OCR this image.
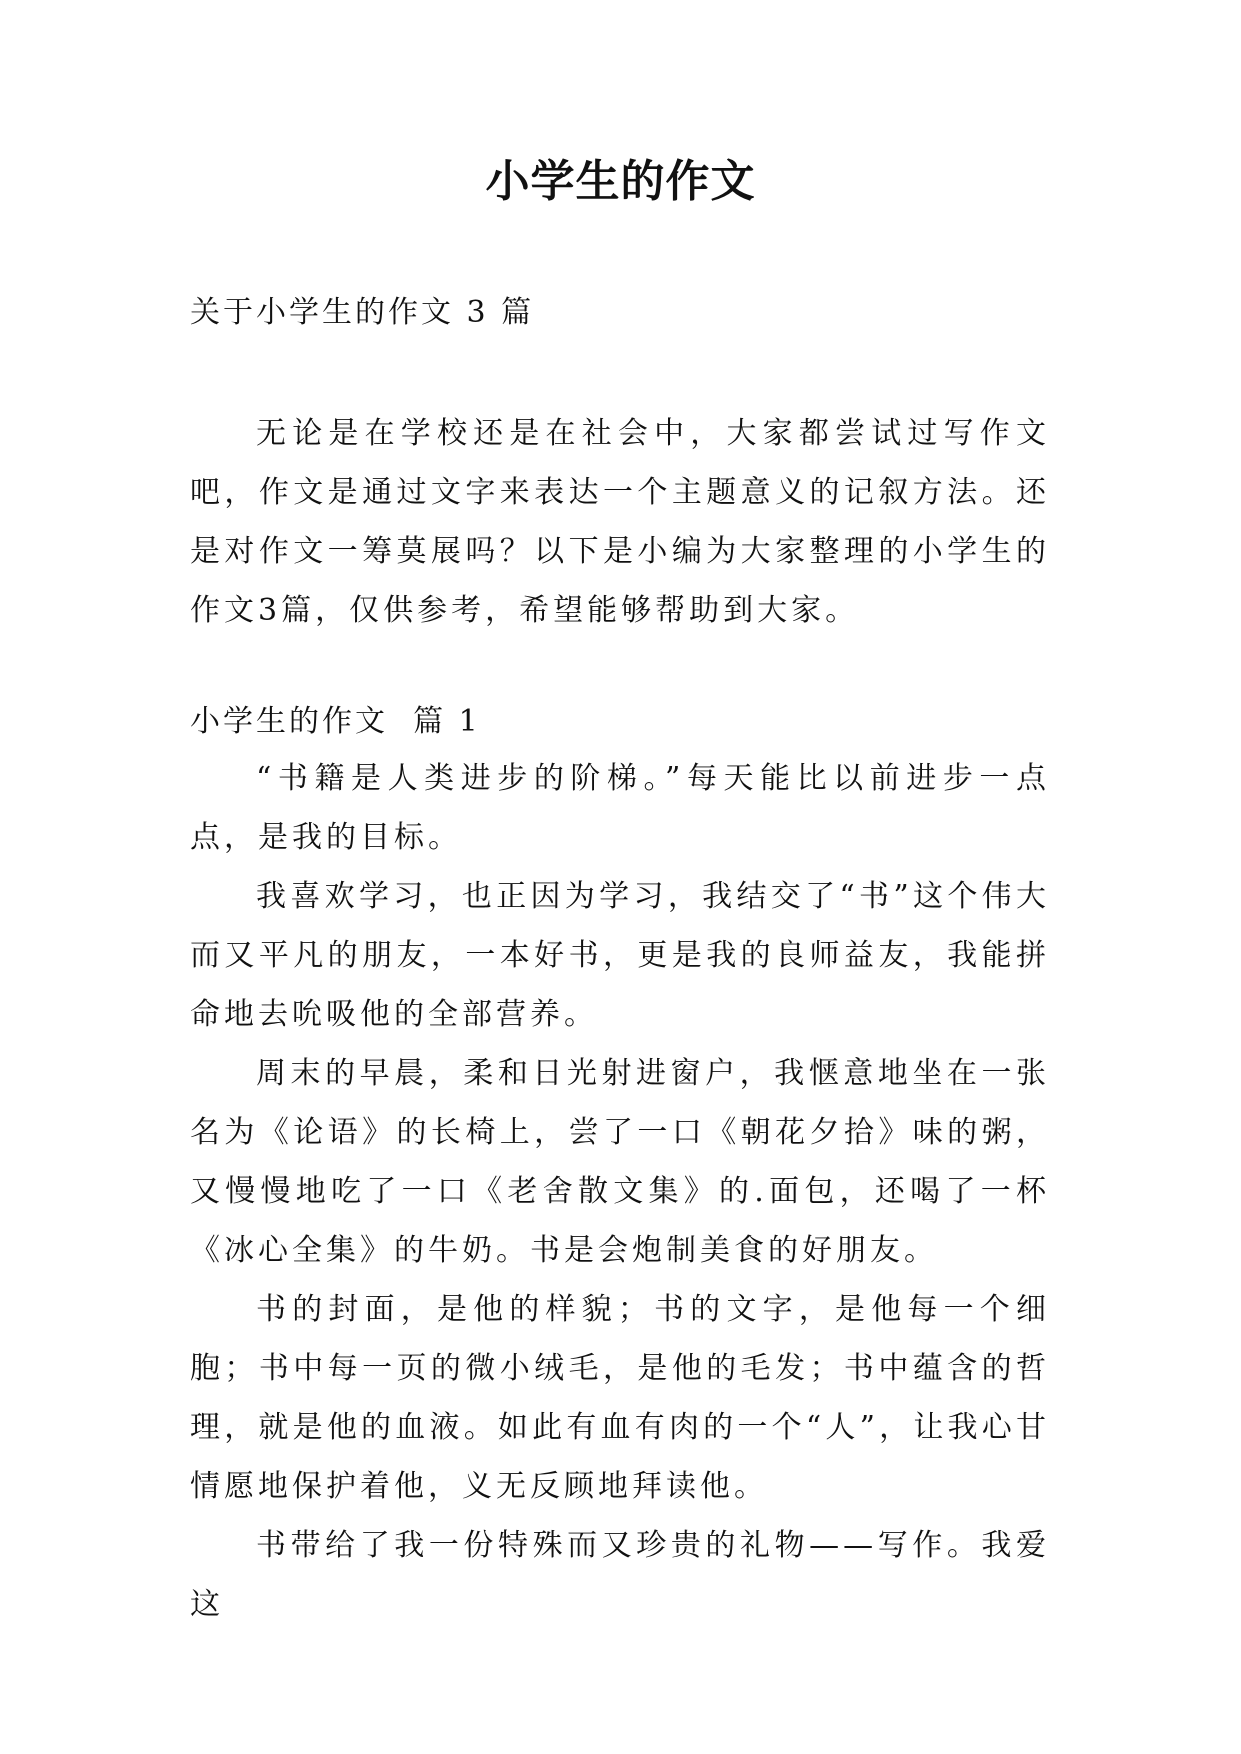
小学生的作文
关于小学生的作文 3 篇

无论是在学校还是在社会中，大家都尝试过写作文吧，作文是通过文字来表达一个主题意义的记叙方法。还是对作文一筹莫展吗？以下是小编为大家整理的小学生的作文3篇，仅供参考，希望能够帮助到大家。

小学生的作文  篇 1

“书籍是人类进步的阶梯。”每天能比以前进步一点点，是我的目标。

我喜欢学习，也正因为学习，我结交了“书”这个伟大而又平凡的朋友，一本好书，更是我的良师益友，我能拼命地去吮吸他的全部营养。

周末的早晨，柔和日光射进窗户，我惬意地坐在一张名为《论语》的长椅上，尝了一口《朝花夕拾》味的粥，又慢慢地吃了一口《老舍散文集》的.面包，还喝了一杯《冰心全集》的牛奶。书是会炮制美食的好朋友。

书的封面，是他的样貌；书的文字，是他每一个细胞；书中每一页的微小绒毛，是他的毛发；书中蕴含的哲理，就是他的血液。如此有血有肉的一个“人”，让我心甘情愿地保护着他，义无反顾地拜读他。

书带给了我一份特殊而又珍贵的礼物——写作。我爱这
